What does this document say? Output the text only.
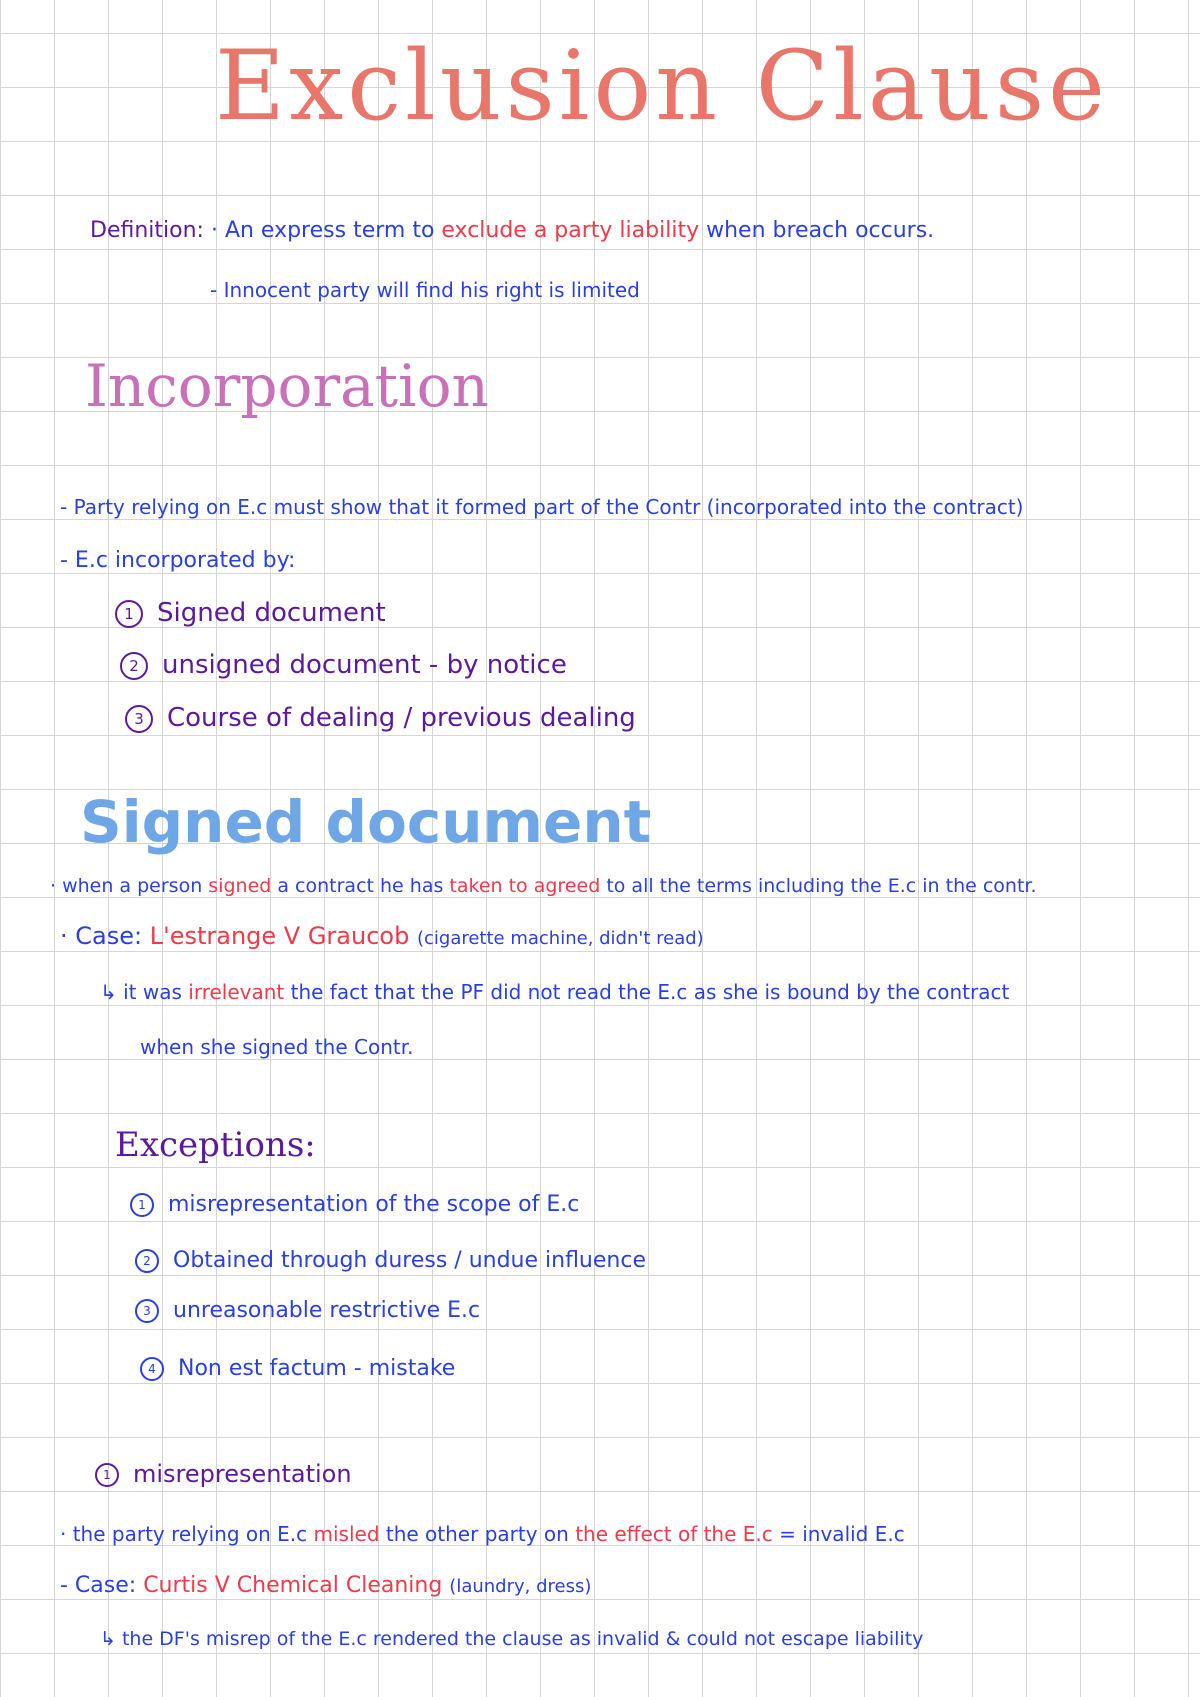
Exclusion Clause
Definition: · An express term to exclude a party liability when breach occurs.
- Innocent party will find his right is limited
Incorporation
- Party relying on E.c must show that it formed part of the Contr (incorporated into the contract)
- E.c incorporated by:
1 Signed document
2 unsigned document - by notice
3 Course of dealing / previous dealing
Signed document
· when a person signed a contract he has taken to agreed to all the terms including the E.c in the contr.
· Case: L'estrange V Graucob (cigarette machine, didn't read)
↳ it was irrelevant the fact that the PF did not read the E.c as she is bound by the contract
when she signed the Contr.
Exceptions:
1 misrepresentation of the scope of E.c
2 Obtained through duress / undue influence
3 unreasonable restrictive E.c
4 Non est factum - mistake
1 misrepresentation
· the party relying on E.c misled the other party on the effect of the E.c = invalid E.c
- Case: Curtis V Chemical Cleaning (laundry, dress)
↳ the DF's misrep of the E.c rendered the clause as invalid & could not escape liability
